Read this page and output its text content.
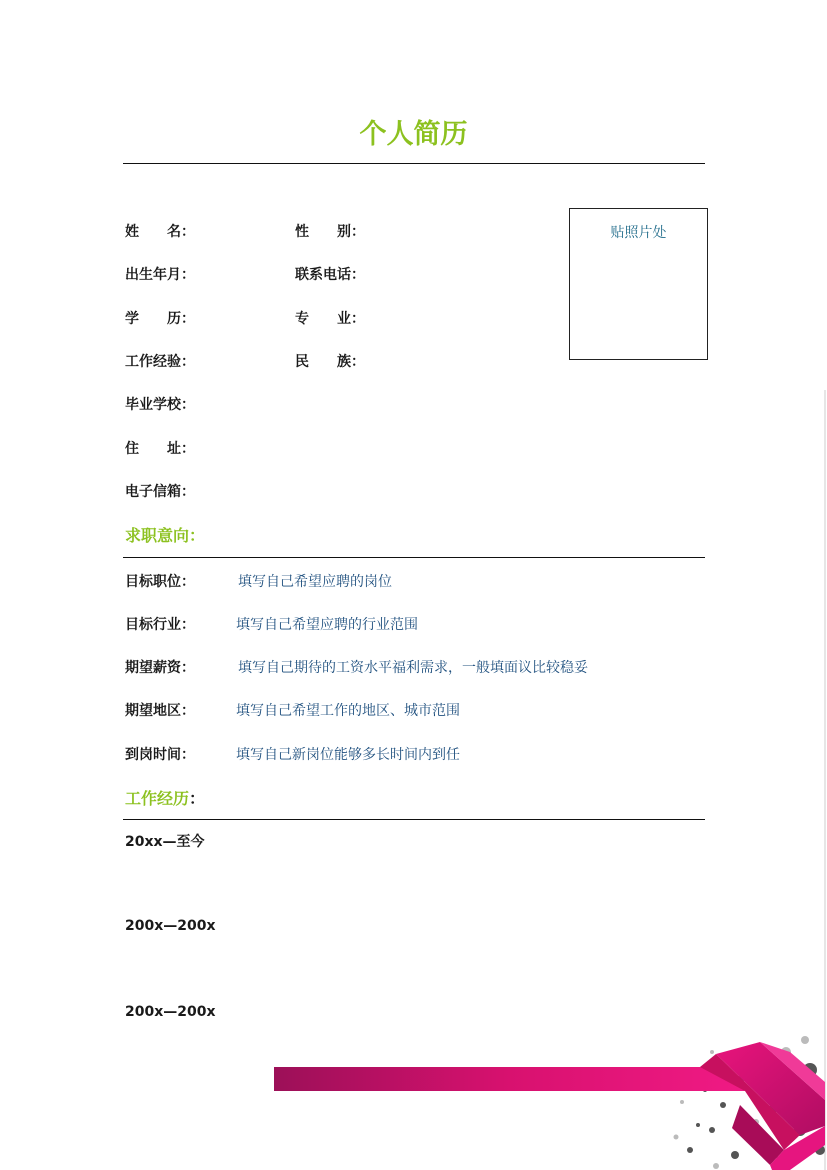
个人简历
姓　　名：	性　　别：
出生年月：	联系电话：
学　　历：	专　　业：
工作经验：	民　　族：
毕业学校：
住　　址：
电子信箱：
贴照片处
求职意向：
目标职位：	填写自己希望应聘的岗位
目标行业：	填写自己希望应聘的行业范围
期望薪资：	填写自己期待的工资水平福利需求，一般填面议比较稳妥
期望地区：	填写自己希望工作的地区、城市范围
到岗时间：	填写自己新岗位能够多长时间内到任
工作经历：
20xx—至今
200x—200x
200x—200x
